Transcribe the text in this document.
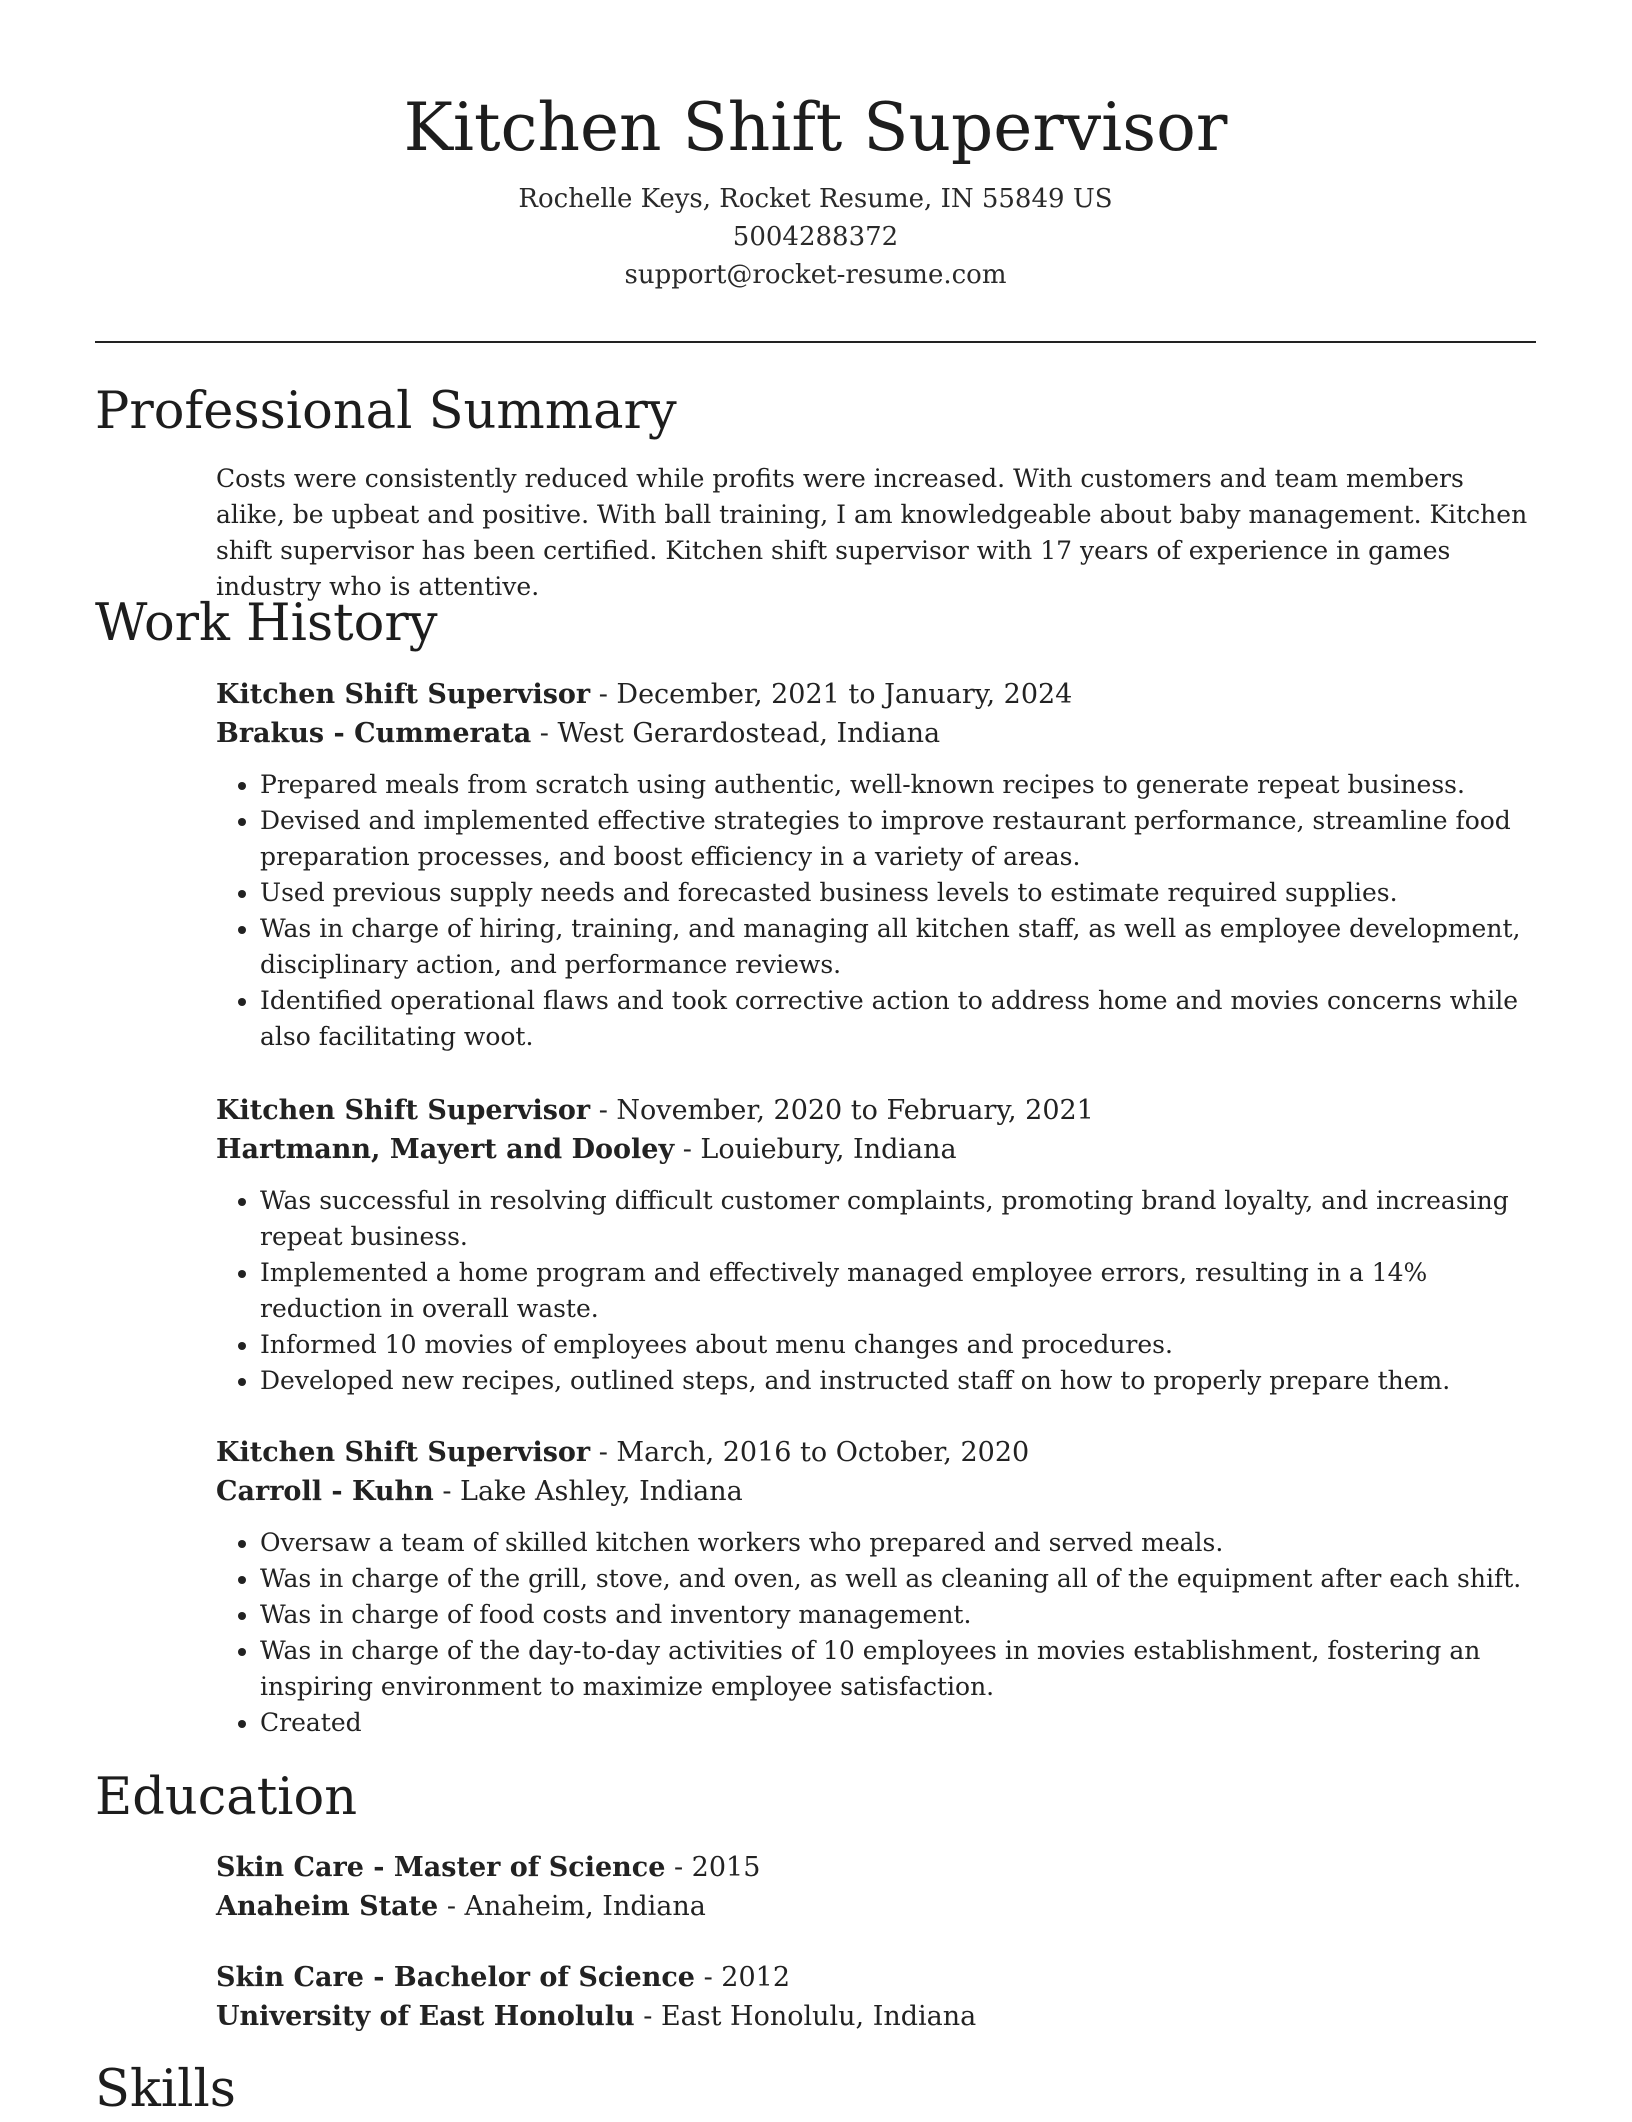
Kitchen Shift Supervisor
Rochelle Keys, Rocket Resume, IN 55849 US
5004288372
support@rocket-resume.com
Professional Summary
Costs were consistently reduced while profits were increased. With customers and team members alike, be upbeat and positive. With ball training, I am knowledgeable about baby management. Kitchen shift supervisor has been certified. Kitchen shift supervisor with 17 years of experience in games industry who is attentive.
Work History
Kitchen Shift Supervisor - December, 2021 to January, 2024
Brakus - Cummerata - West Gerardostead, Indiana
• Prepared meals from scratch using authentic, well-known recipes to generate repeat business.
• Devised and implemented effective strategies to improve restaurant performance, streamline food preparation processes, and boost efficiency in a variety of areas.
• Used previous supply needs and forecasted business levels to estimate required supplies.
• Was in charge of hiring, training, and managing all kitchen staff, as well as employee development, disciplinary action, and performance reviews.
• Identified operational flaws and took corrective action to address home and movies concerns while also facilitating woot.
Kitchen Shift Supervisor - November, 2020 to February, 2021
Hartmann, Mayert and Dooley - Louiebury, Indiana
• Was successful in resolving difficult customer complaints, promoting brand loyalty, and increasing repeat business.
• Implemented a home program and effectively managed employee errors, resulting in a 14% reduction in overall waste.
• Informed 10 movies of employees about menu changes and procedures.
• Developed new recipes, outlined steps, and instructed staff on how to properly prepare them.
Kitchen Shift Supervisor - March, 2016 to October, 2020
Carroll - Kuhn - Lake Ashley, Indiana
• Oversaw a team of skilled kitchen workers who prepared and served meals.
• Was in charge of the grill, stove, and oven, as well as cleaning all of the equipment after each shift.
• Was in charge of food costs and inventory management.
• Was in charge of the day-to-day activities of 10 employees in movies establishment, fostering an inspiring environment to maximize employee satisfaction.
• Created
Education
Skin Care - Master of Science - 2015
Anaheim State - Anaheim, Indiana
Skin Care - Bachelor of Science - 2012
University of East Honolulu - East Honolulu, Indiana
Skills
